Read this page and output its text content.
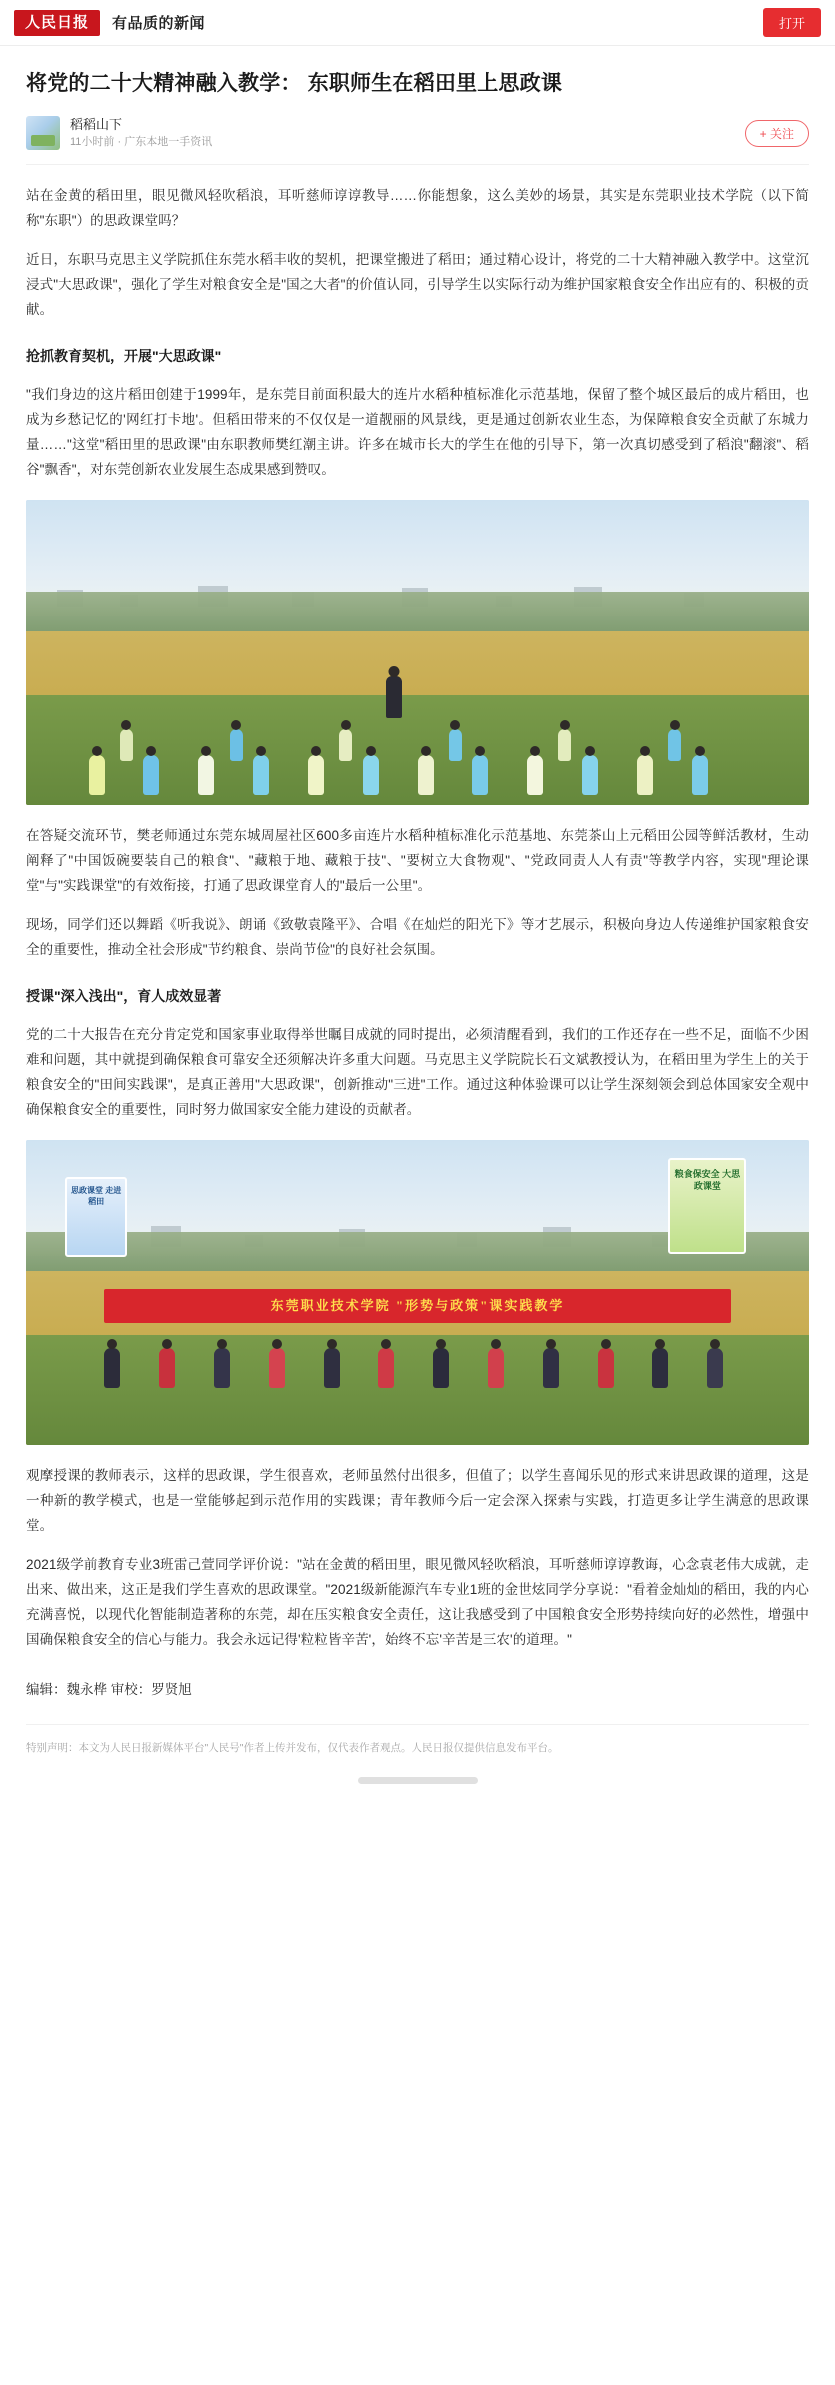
人民日报	有品质的新闻	打开
将党的二十大精神融入教学： 东职师生在稻田里上思政课
稻稻山下
11小时前 · 广东本地一手资讯
+ 关注

站在金黄的稻田里，眼见微风轻吹稻浪，耳听慈师谆谆教导……你能想象，这么美妙的场景，其实是东莞职业技术学院（以下简称"东职"）的思政课堂吗？

近日，东职马克思主义学院抓住东莞水稻丰收的契机，把课堂搬进了稻田；通过精心设计，将党的二十大精神融入教学中。这堂沉浸式"大思政课"，强化了学生对粮食安全是"国之大者"的价值认同，引导学生以实际行动为维护国家粮食安全作出应有的、积极的贡献。

抢抓教育契机，开展"大思政课"

"我们身边的这片稻田创建于1999年，是东莞目前面积最大的连片水稻种植标准化示范基地，保留了整个城区最后的成片稻田，也成为乡愁记忆的'网红打卡地'。但稻田带来的不仅仅是一道靓丽的风景线，更是通过创新农业生态，为保障粮食安全贡献了东城力量……"这堂"稻田里的思政课"由东职教师樊红潮主讲。许多在城市长大的学生在他的引导下，第一次真切感受到了稻浪"翻滚"、稻谷"飘香"，对东莞创新农业发展生态成果感到赞叹。

在答疑交流环节，樊老师通过东莞东城周屋社区600多亩连片水稻种植标准化示范基地、东莞茶山上元稻田公园等鲜活教材，生动阐释了"中国饭碗要装自己的粮食"、"藏粮于地、藏粮于技"、"要树立大食物观"、"党政同责人人有责"等教学内容，实现"理论课堂"与"实践课堂"的有效衔接，打通了思政课堂育人的"最后一公里"。

现场，同学们还以舞蹈《听我说》、朗诵《致敬袁隆平》、合唱《在灿烂的阳光下》等才艺展示，积极向身边人传递维护国家粮食安全的重要性，推动全社会形成"节约粮食、崇尚节俭"的良好社会氛围。

授课"深入浅出"，育人成效显著

党的二十大报告在充分肯定党和国家事业取得举世瞩目成就的同时提出，必须清醒看到，我们的工作还存在一些不足，面临不少困难和问题，其中就提到确保粮食可靠安全还须解决许多重大问题。马克思主义学院院长石文斌教授认为，在稻田里为学生上的关于粮食安全的"田间实践课"，是真正善用"大思政课"，创新推动"三进"工作。通过这种体验课可以让学生深刻领会到总体国家安全观中确保粮食安全的重要性，同时努力做国家安全能力建设的贡献者。

粮食保安全 大思政课堂
思政课堂 走进稻田
东莞职业技术学院 "形势与政策"课实践教学

观摩授课的教师表示，这样的思政课，学生很喜欢，老师虽然付出很多，但值了；以学生喜闻乐见的形式来讲思政课的道理，这是一种新的教学模式，也是一堂能够起到示范作用的实践课；青年教师今后一定会深入探索与实践，打造更多让学生满意的思政课堂。

2021级学前教育专业3班雷己萱同学评价说："站在金黄的稻田里，眼见微风轻吹稻浪，耳听慈师谆谆教诲，心念袁老伟大成就，走出来、做出来，这正是我们学生喜欢的思政课堂。"2021级新能源汽车专业1班的金世炫同学分享说："看着金灿灿的稻田，我的内心充满喜悦，以现代化智能制造著称的东莞，却在压实粮食安全责任，这让我感受到了中国粮食安全形势持续向好的必然性，增强中国确保粮食安全的信心与能力。我会永远记得'粒粒皆辛苦'，始终不忘'辛苦是三农'的道理。"

编辑：魏永桦 审校：罗贤旭
特别声明：本文为人民日报新媒体平台"人民号"作者上传并发布，仅代表作者观点。人民日报仅提供信息发布平台。
